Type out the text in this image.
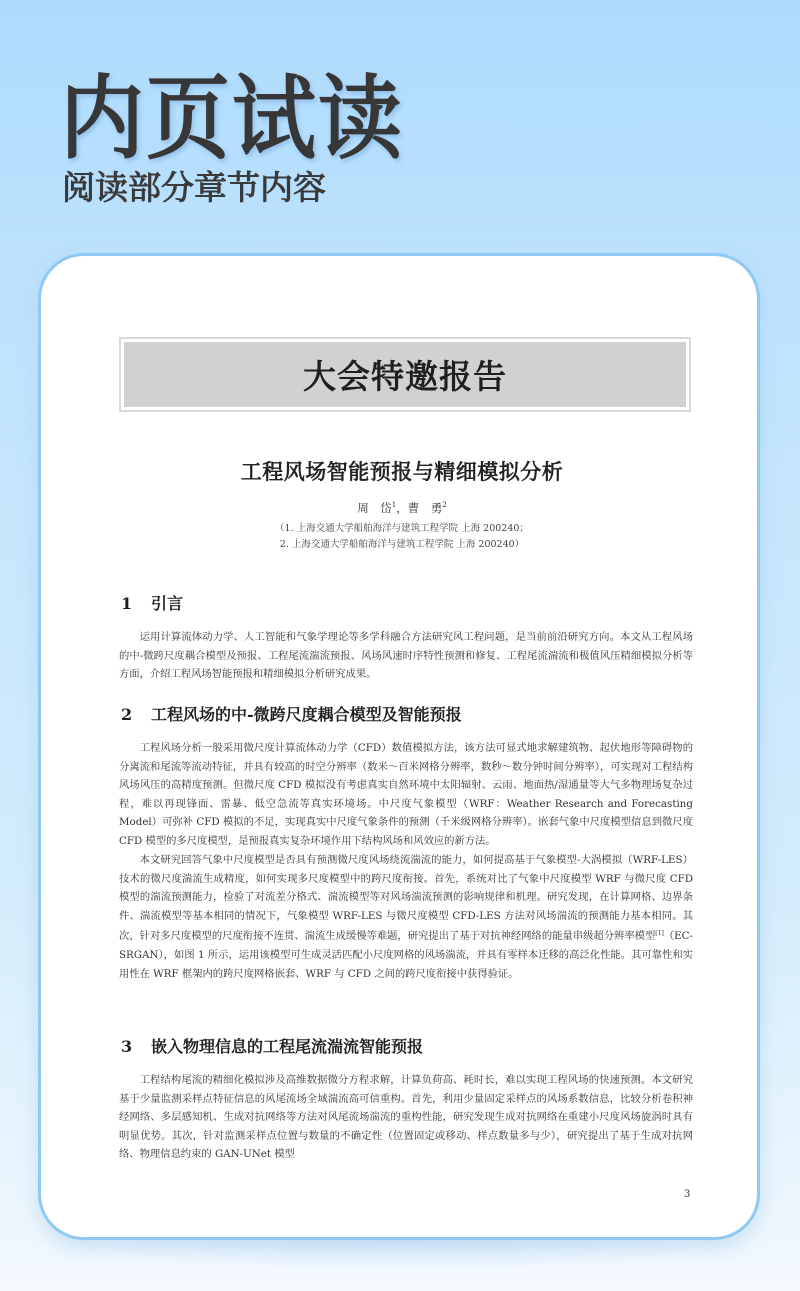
内页试读
阅读部分章节内容
大会特邀报告
工程风场智能预报与精细模拟分析
周　岱$^1$，曹　勇$^2$
（1. 上海交通大学船舶海洋与建筑工程学院 上海 200240；
2. 上海交通大学船舶海洋与建筑工程学院 上海 200240）
1 引言

运用计算流体动力学、人工智能和气象学理论等多学科融合方法研究风工程问题，是当前前沿研究方向。本文从工程风场的中-微跨尺度耦合模型及预报、工程尾流湍流预报、风场风速时序特性预测和修复、工程尾流湍流和极值风压精细模拟分析等方面，介绍工程风场智能预报和精细模拟分析研究成果。

2 工程风场的中-微跨尺度耦合模型及智能预报

工程风场分析一般采用微尺度计算流体动力学（CFD）数值模拟方法，该方法可显式地求解建筑物、起伏地形等障碍物的分离流和尾流等流动特征，并具有较高的时空分辨率（数米～百米网格分辨率，数秒～数分钟时间分辨率），可实现对工程结构风场风压的高精度预测。但微尺度 CFD 模拟没有考虑真实自然环境中太阳辐射、云雨、地面热/湿通量等大气多物理场复杂过程，难以再现锋面、雷暴、低空急流等真实环境场。中尺度气象模型（WRF：Weather Research and Forecasting Model）可弥补 CFD 模拟的不足，实现真实中尺度气象条件的预测（千米级网格分辨率）。嵌套气象中尺度模型信息到微尺度 CFD 模型的多尺度模型，是预报真实复杂环境作用下结构风场和风效应的新方法。

本文研究回答气象中尺度模型是否具有预测微尺度风场绕流湍流的能力，如何提高基于气象模型-大涡模拟（WRF-LES）技术的微尺度湍流生成精度，如何实现多尺度模型中的跨尺度衔接。首先，系统对比了气象中尺度模型 WRF 与微尺度 CFD 模型的湍流预测能力，检验了对流差分格式、湍流模型等对风场湍流预测的影响规律和机理。研究发现，在计算网格、边界条件、湍流模型等基本相同的情况下，气象模型 WRF-LES 与微尺度模型 CFD-LES 方法对风场湍流的预测能力基本相同。其次，针对多尺度模型的尺度衔接不连贯、湍流生成缓慢等难题，研究提出了基于对抗神经网络的能量串级超分辨率模型[1]（EC-SRGAN），如图 1 所示，运用该模型可生成灵活匹配小尺度网格的风场湍流，并具有零样本迁移的高泛化性能。其可靠性和实用性在 WRF 框架内的跨尺度网格嵌套、WRF 与 CFD 之间的跨尺度衔接中获得验证。

3 嵌入物理信息的工程尾流湍流智能预报

工程结构尾流的精细化模拟涉及高维数据微分方程求解，计算负荷高、耗时长，难以实现工程风场的快速预测。本文研究基于少量监测采样点特征信息的风尾流场全域湍流高可信重构。首先，利用少量固定采样点的风场系数信息，比较分析卷积神经网络、多层感知机、生成对抗网络等方法对风尾流场湍流的重构性能，研究发现生成对抗网络在重建小尺度风场旋涡时具有明显优势。其次，针对监测采样点位置与数量的不确定性（位置固定或移动、样点数量多与少），研究提出了基于生成对抗网络、物理信息约束的 GAN-UNet 模型

3
